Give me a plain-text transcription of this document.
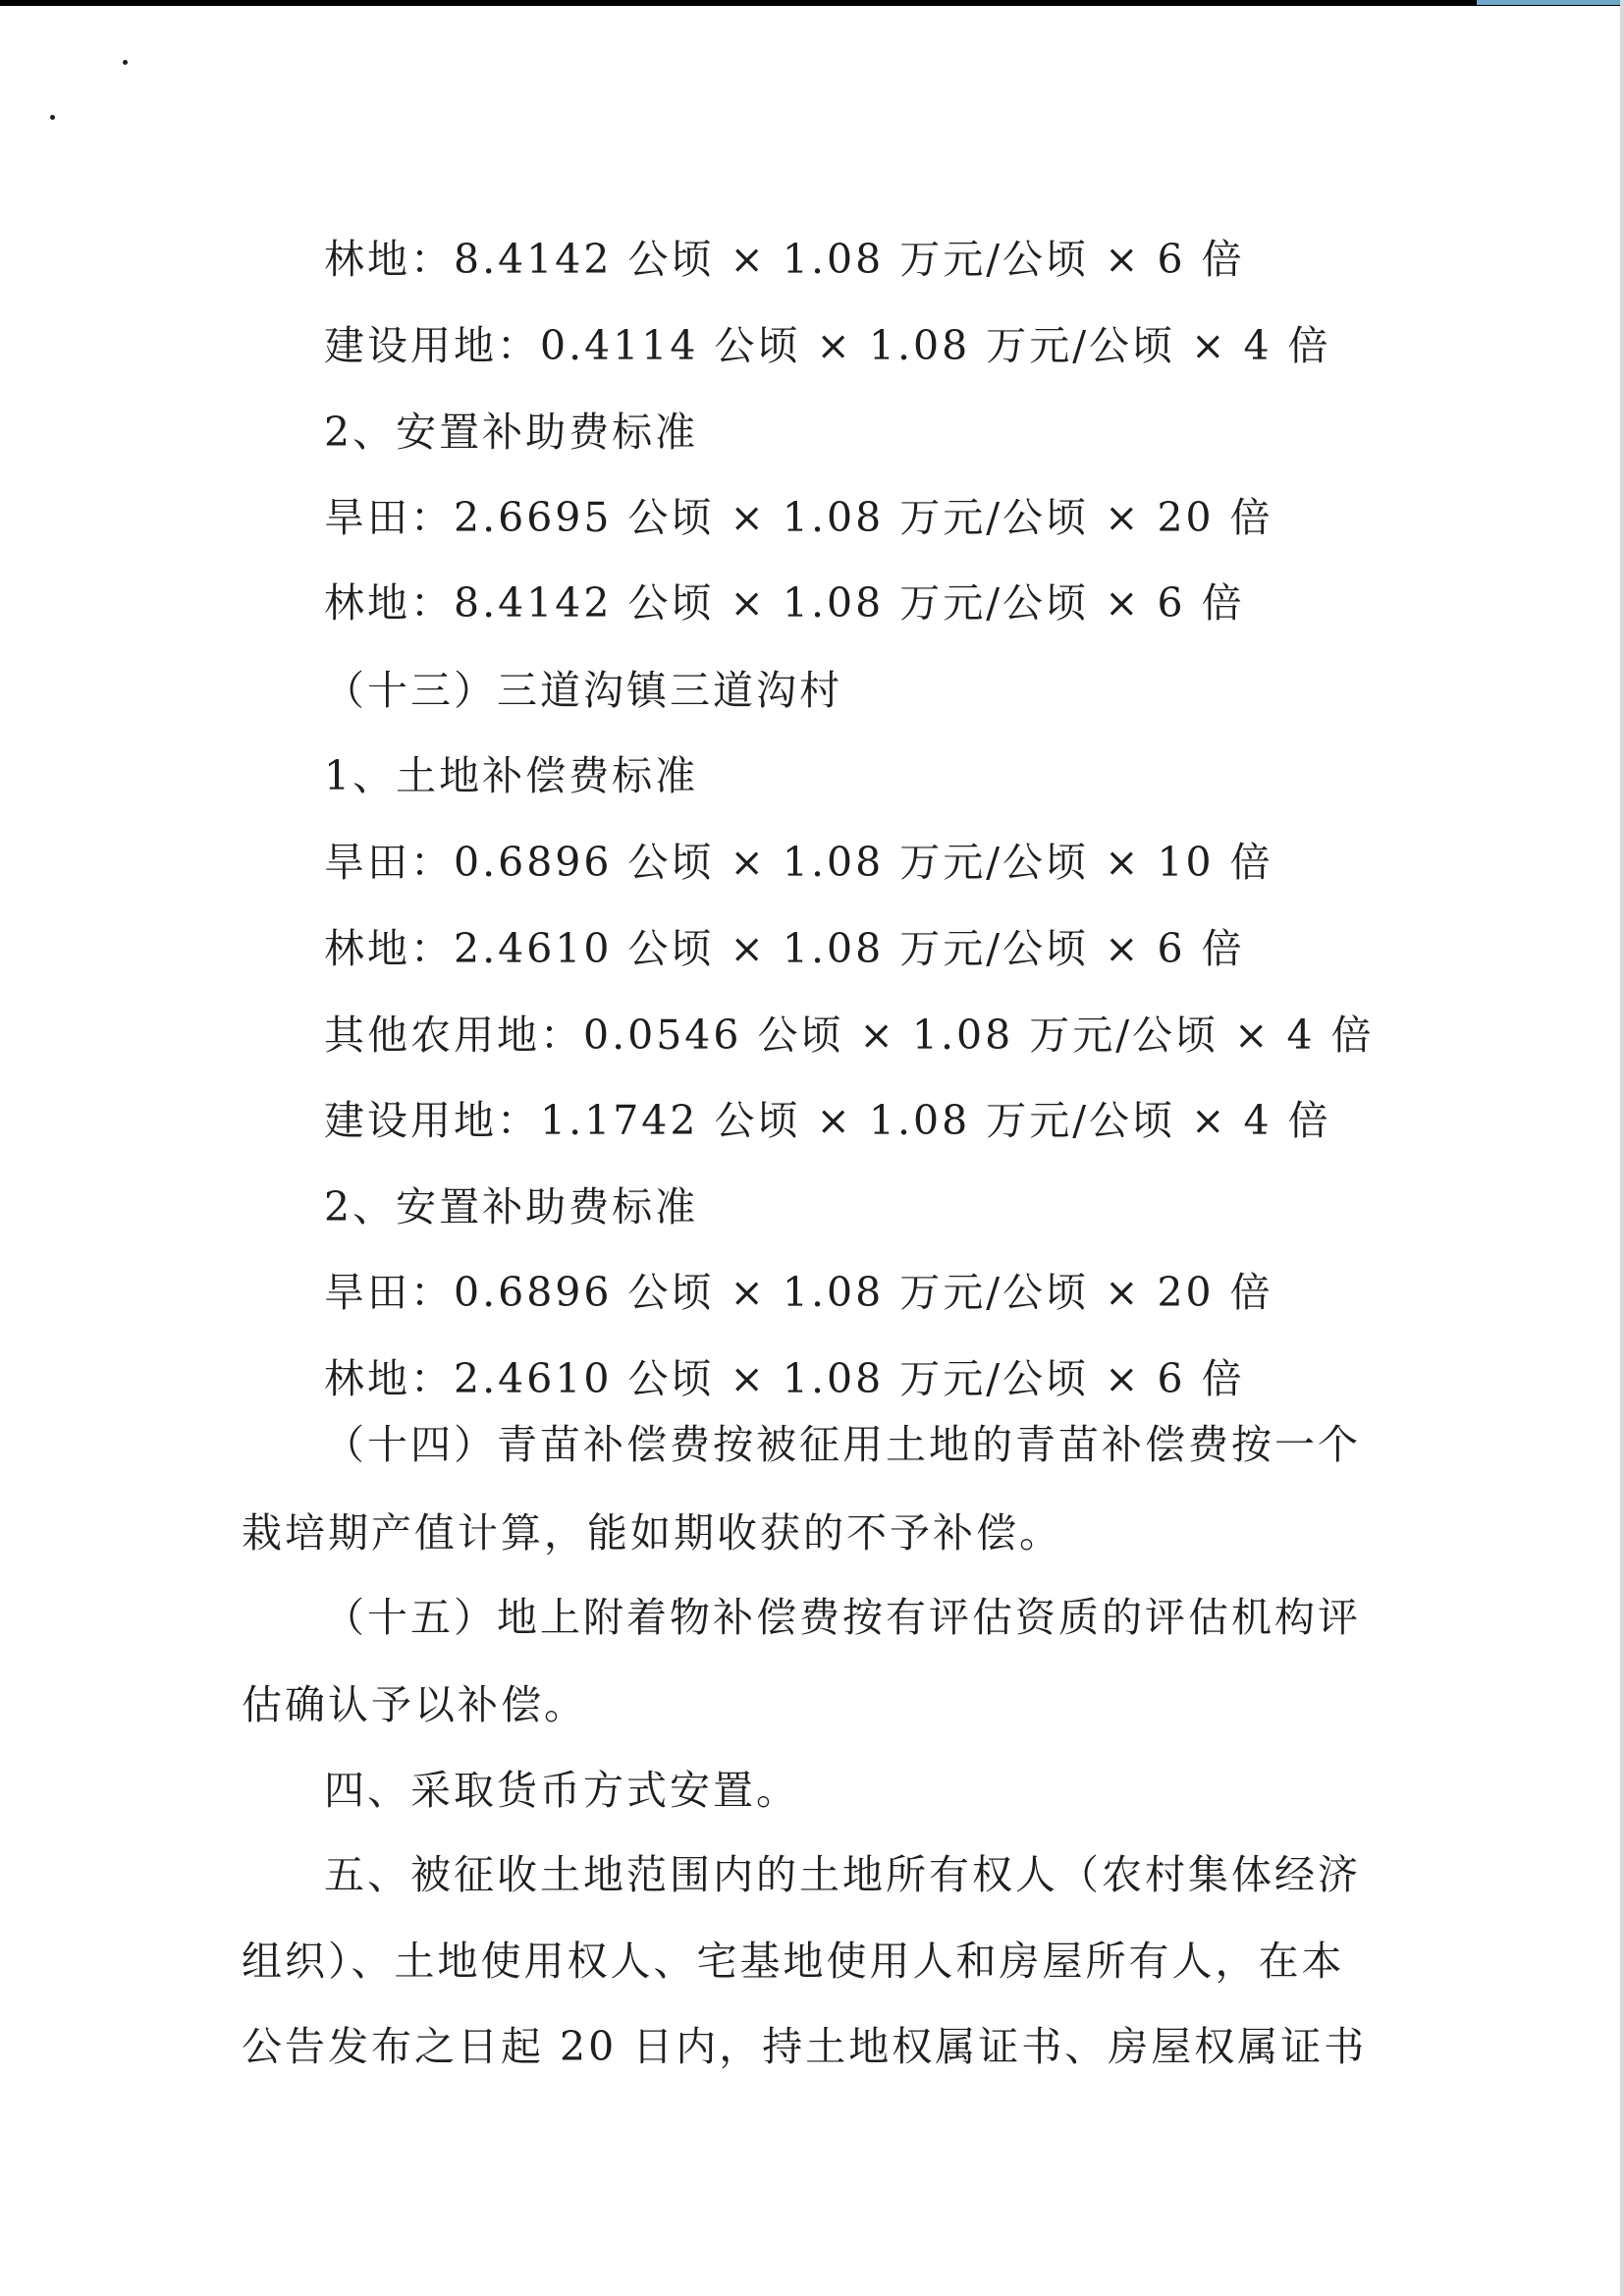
林地：8.4142 公顷 × 1.08 万元/公顷 × 6 倍
建设用地：0.4114 公顷 × 1.08 万元/公顷 × 4 倍
2、安置补助费标准
旱田：2.6695 公顷 × 1.08 万元/公顷 × 20 倍
林地：8.4142 公顷 × 1.08 万元/公顷 × 6 倍
（十三）三道沟镇三道沟村
1、土地补偿费标准
旱田：0.6896 公顷 × 1.08 万元/公顷 × 10 倍
林地：2.4610 公顷 × 1.08 万元/公顷 × 6 倍
其他农用地：0.0546 公顷 × 1.08 万元/公顷 × 4 倍
建设用地：1.1742 公顷 × 1.08 万元/公顷 × 4 倍
2、安置补助费标准
旱田：0.6896 公顷 × 1.08 万元/公顷 × 20 倍
林地：2.4610 公顷 × 1.08 万元/公顷 × 6 倍
（十四）青苗补偿费按被征用土地的青苗补偿费按一个
栽培期产值计算，能如期收获的不予补偿。
（十五）地上附着物补偿费按有评估资质的评估机构评
估确认予以补偿。
四、采取货币方式安置。
五、被征收土地范围内的土地所有权人（农村集体经济
组织）、土地使用权人、宅基地使用人和房屋所有人，在本
公告发布之日起 20 日内，持土地权属证书、房屋权属证书
